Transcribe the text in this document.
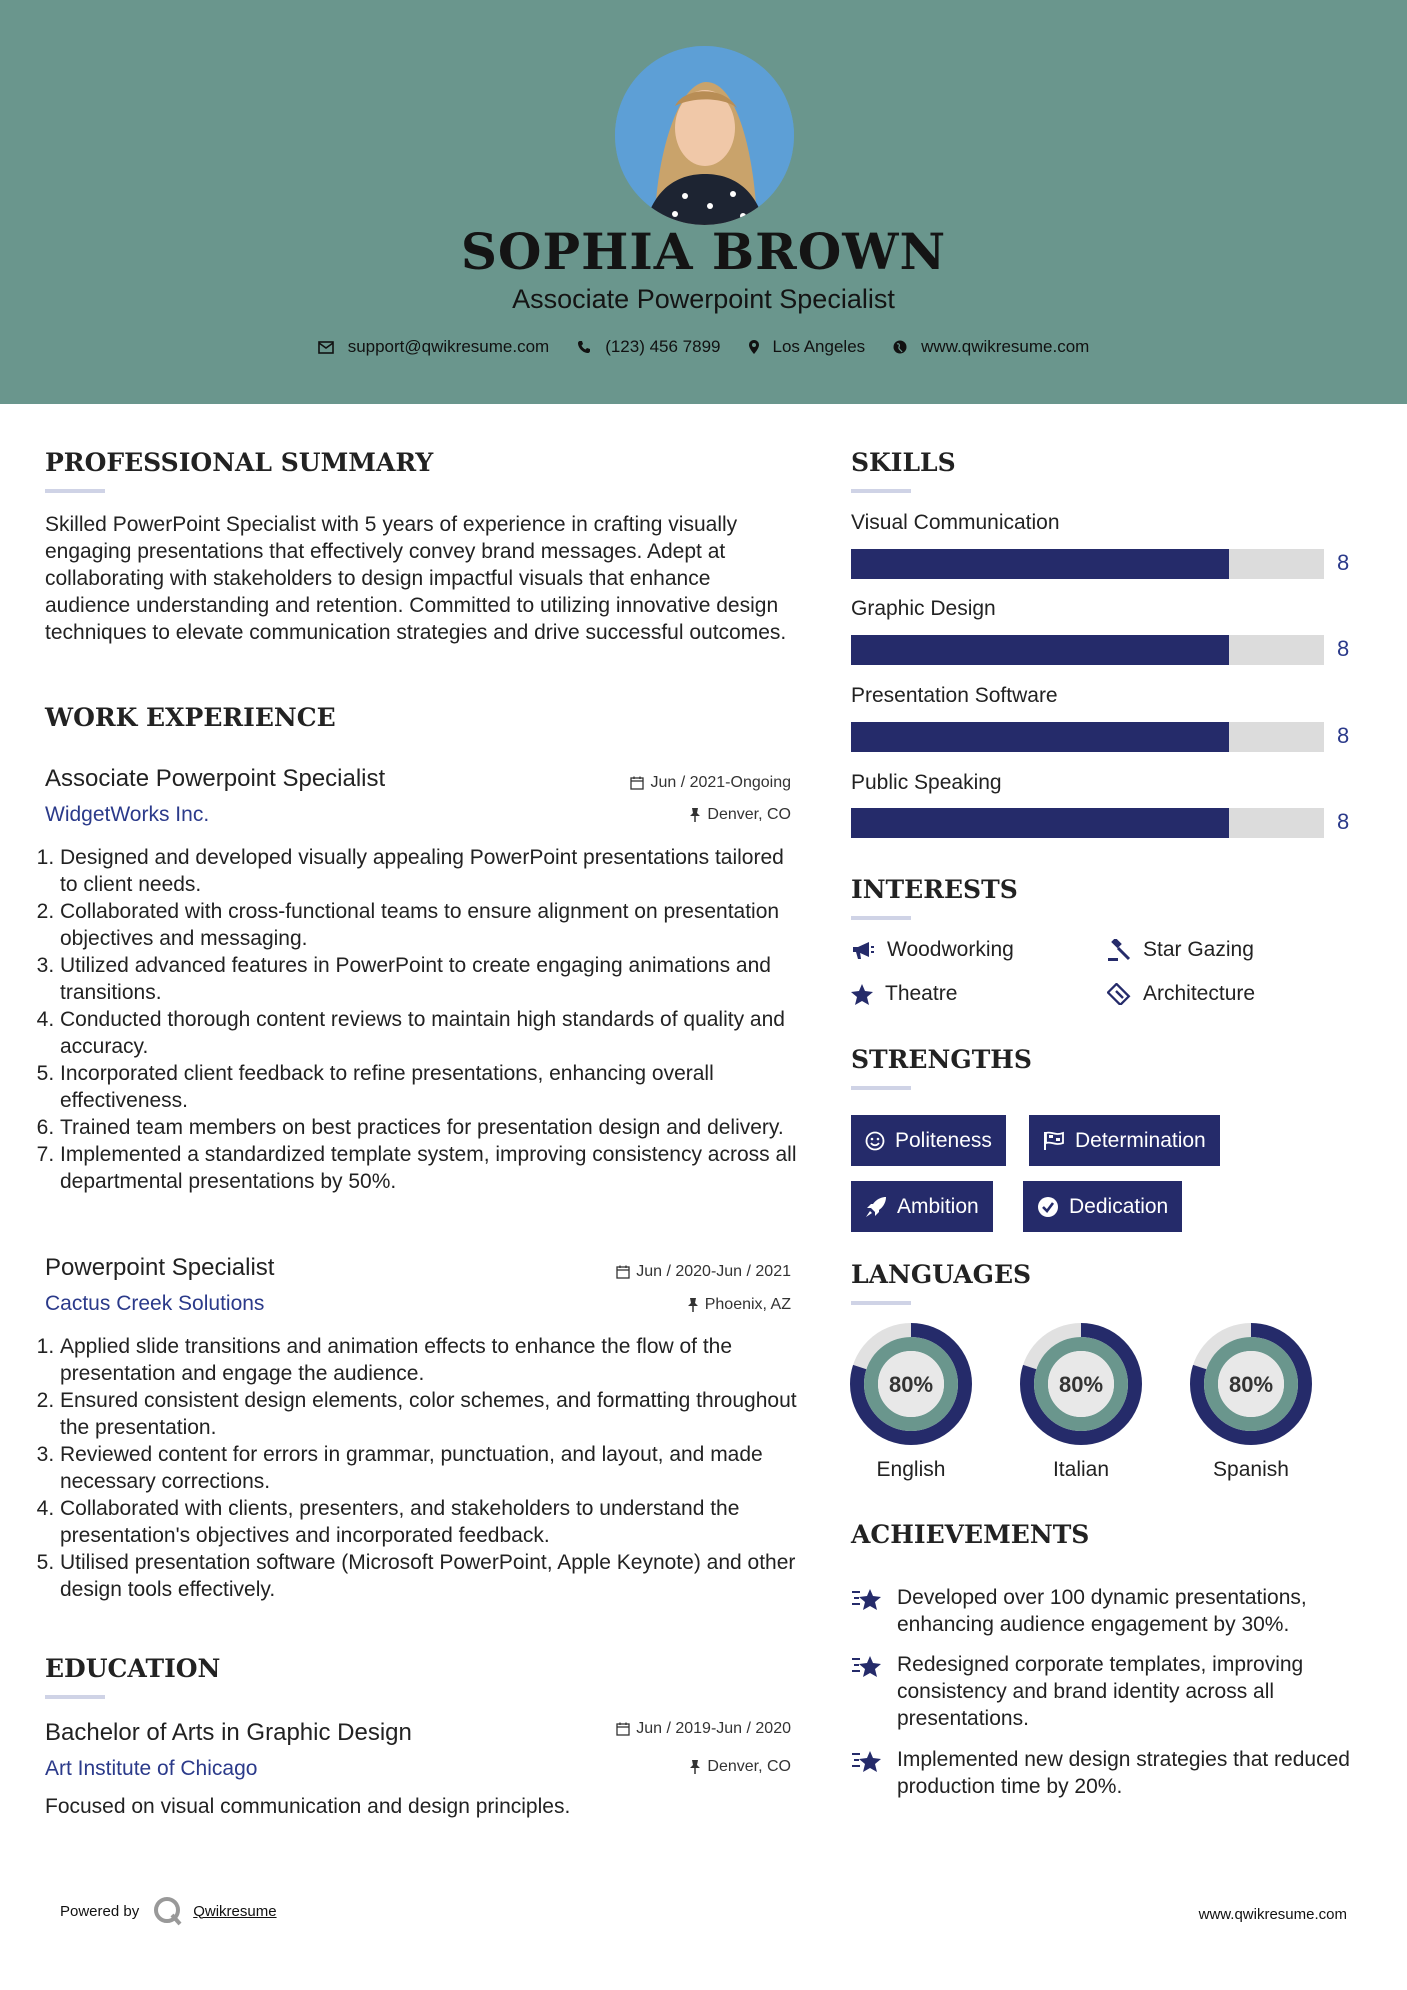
SOPHIA BROWN
Associate Powerpoint Specialist
support@qwikresume.com	(123) 456 7899	Los Angeles	www.qwikresume.com
PROFESSIONAL SUMMARY
Skilled PowerPoint Specialist with 5 years of experience in crafting visually engaging presentations that effectively convey brand messages. Adept at collaborating with stakeholders to design impactful visuals that enhance audience understanding and retention. Committed to utilizing innovative design techniques to elevate communication strategies and drive successful outcomes.
WORK EXPERIENCE
Associate Powerpoint Specialist	Jun / 2021-Ongoing
WidgetWorks Inc.	Denver, CO
1. Designed and developed visually appealing PowerPoint presentations tailored to client needs.
2. Collaborated with cross-functional teams to ensure alignment on presentation objectives and messaging.
3. Utilized advanced features in PowerPoint to create engaging animations and transitions.
4. Conducted thorough content reviews to maintain high standards of quality and accuracy.
5. Incorporated client feedback to refine presentations, enhancing overall effectiveness.
6. Trained team members on best practices for presentation design and delivery.
7. Implemented a standardized template system, improving consistency across all departmental presentations by 50%.
Powerpoint Specialist	Jun / 2020-Jun / 2021
Cactus Creek Solutions	Phoenix, AZ
1. Applied slide transitions and animation effects to enhance the flow of the presentation and engage the audience.
2. Ensured consistent design elements, color schemes, and formatting throughout the presentation.
3. Reviewed content for errors in grammar, punctuation, and layout, and made necessary corrections.
4. Collaborated with clients, presenters, and stakeholders to understand the presentation's objectives and incorporated feedback.
5. Utilised presentation software (Microsoft PowerPoint, Apple Keynote) and other design tools effectively.
EDUCATION
Bachelor of Arts in Graphic Design	Jun / 2019-Jun / 2020
Art Institute of Chicago	Denver, CO
Focused on visual communication and design principles.
SKILLS
Visual Communication
8
Graphic Design
8
Presentation Software
8
Public Speaking
8
INTERESTS
Woodworking	Star Gazing
Theatre	Architecture
STRENGTHS
Politeness	Determination
Ambition	Dedication
LANGUAGES
80%
English
80%
Italian
80%
Spanish
ACHIEVEMENTS
Developed over 100 dynamic presentations, enhancing audience engagement by 30%.
Redesigned corporate templates, improving consistency and brand identity across all presentations.
Implemented new design strategies that reduced production time by 20%.
Powered by	Qwikresume	www.qwikresume.com
